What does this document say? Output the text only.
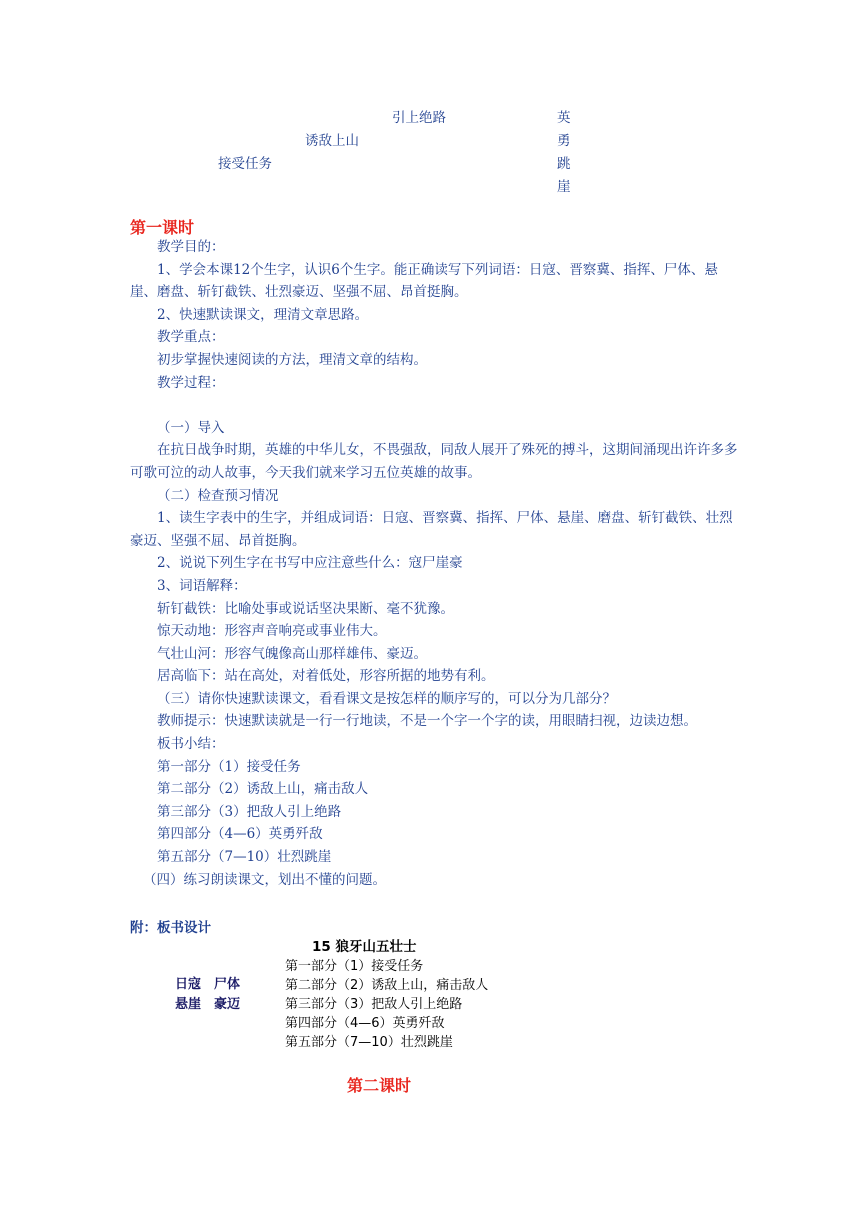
引上绝路
诱敌上山
接受任务
英
勇
跳
崖
第一课时

教学目的：

1、学会本课12个生字，认识6个生字。能正确读写下列词语：日寇、晋察冀、指挥、尸体、悬崖、磨盘、斩钉截铁、壮烈豪迈、坚强不屈、昂首挺胸。

2、快速默读课文，理清文章思路。

教学重点：

初步掌握快速阅读的方法，理清文章的结构。

教学过程：

（一）导入

在抗日战争时期，英雄的中华儿女，不畏强敌，同敌人展开了殊死的搏斗，这期间涌现出许许多多可歌可泣的动人故事，今天我们就来学习五位英雄的故事。

（二）检查预习情况

1、读生字表中的生字，并组成词语：日寇、晋察冀、指挥、尸体、悬崖、磨盘、斩钉截铁、壮烈豪迈、坚强不屈、昂首挺胸。

2、说说下列生字在书写中应注意些什么：寇尸崖豪

3、词语解释：

斩钉截铁：比喻处事或说话坚决果断、毫不犹豫。

惊天动地：形容声音响亮或事业伟大。

气壮山河：形容气魄像高山那样雄伟、豪迈。

居高临下：站在高处，对着低处，形容所据的地势有利。

（三）请你快速默读课文，看看课文是按怎样的顺序写的，可以分为几部分？

教师提示：快速默读就是一行一行地读，不是一个字一个字的读，用眼睛扫视，边读边想。

板书小结：

第一部分（1）接受任务

第二部分（2）诱敌上山，痛击敌人

第三部分（3）把敌人引上绝路

第四部分（4—6）英勇歼敌

第五部分（7—10）壮烈跳崖

（四）练习朗读课文，划出不懂的问题。

附：板书设计
15 狼牙山五壮士
日寇　尸体
悬崖　豪迈
第一部分（1）接受任务
第二部分（2）诱敌上山，痛击敌人
第三部分（3）把敌人引上绝路
第四部分（4—6）英勇歼敌
第五部分（7—10）壮烈跳崖
第二课时
